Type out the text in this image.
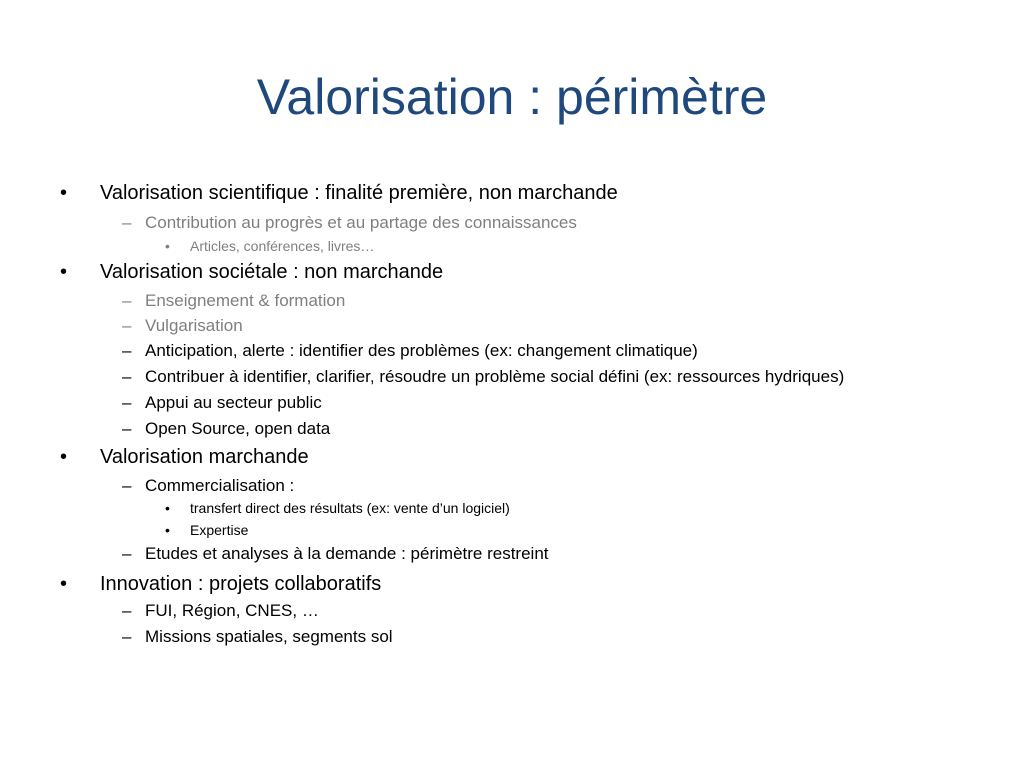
Valorisation : périmètre
• Valorisation scientifique : finalité première, non marchande
– Contribution au progrès et au partage des connaissances
• Articles, conférences, livres…
• Valorisation sociétale : non marchande
– Enseignement & formation
– Vulgarisation
– Anticipation, alerte : identifier des problèmes (ex: changement climatique)
– Contribuer à identifier, clarifier, résoudre un problème social défini (ex: ressources hydriques)
– Appui au secteur public
– Open Source, open data
• Valorisation marchande
– Commercialisation :
• transfert direct des résultats (ex: vente d’un logiciel)
• Expertise
– Etudes et analyses à la demande : périmètre restreint
• Innovation : projets collaboratifs
– FUI, Région, CNES, …
– Missions spatiales, segments sol
